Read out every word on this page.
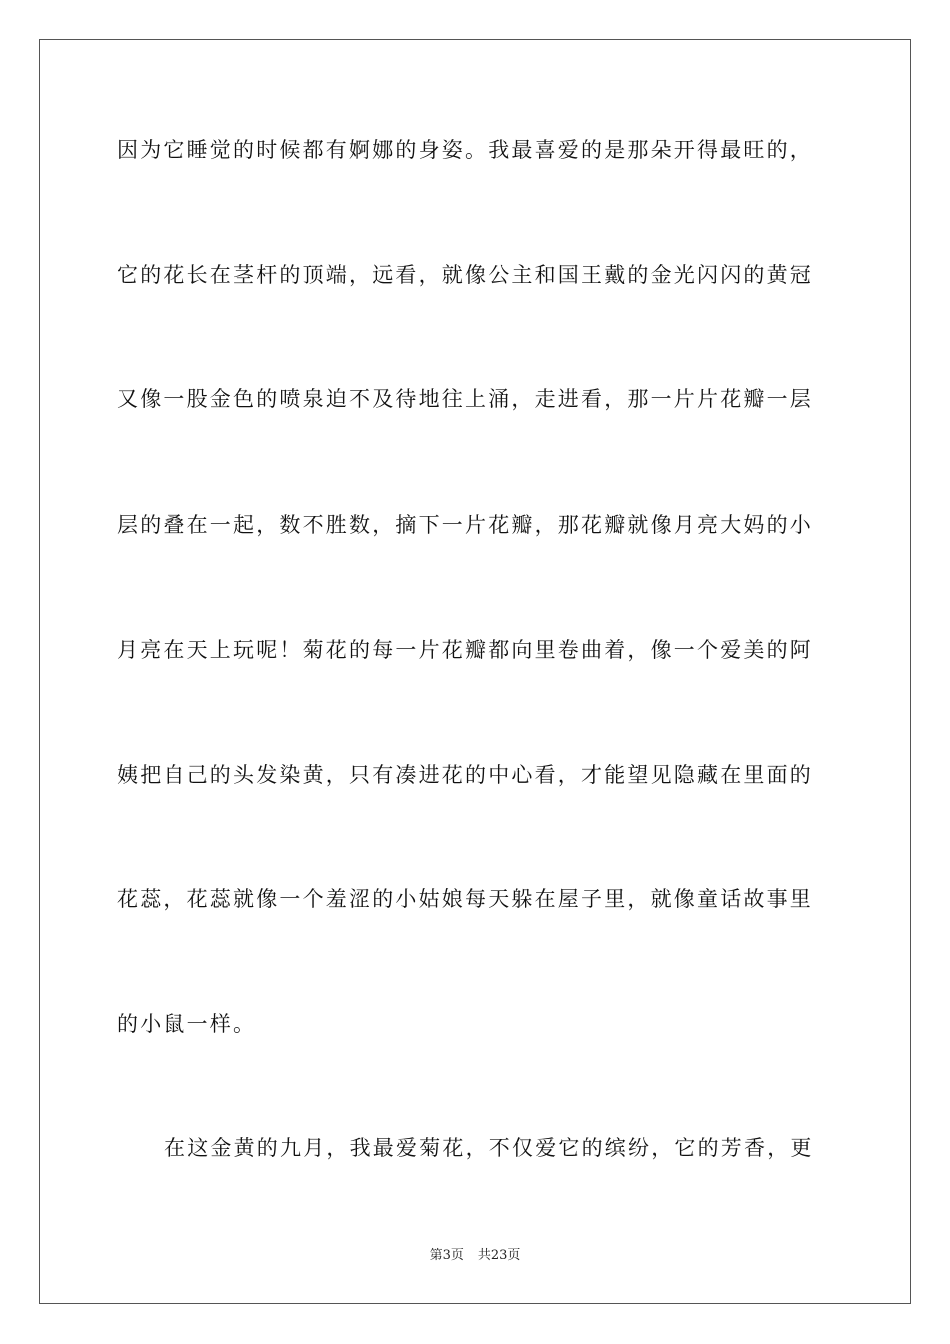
因为它睡觉的时候都有婀娜的身姿。我最喜爱的是那朵开得最旺的，
它的花长在茎杆的顶端，远看，就像公主和国王戴的金光闪闪的黄冠
又像一股金色的喷泉迫不及待地往上涌，走进看，那一片片花瓣一层
层的叠在一起，数不胜数，摘下一片花瓣，那花瓣就像月亮大妈的小
月亮在天上玩呢！菊花的每一片花瓣都向里卷曲着，像一个爱美的阿
姨把自己的头发染黄，只有凑进花的中心看，才能望见隐藏在里面的
花蕊，花蕊就像一个羞涩的小姑娘每天躲在屋子里，就像童话故事里
的小鼠一样。
在这金黄的九月，我最爱菊花，不仅爱它的缤纷，它的芳香，更
第3页 共23页
